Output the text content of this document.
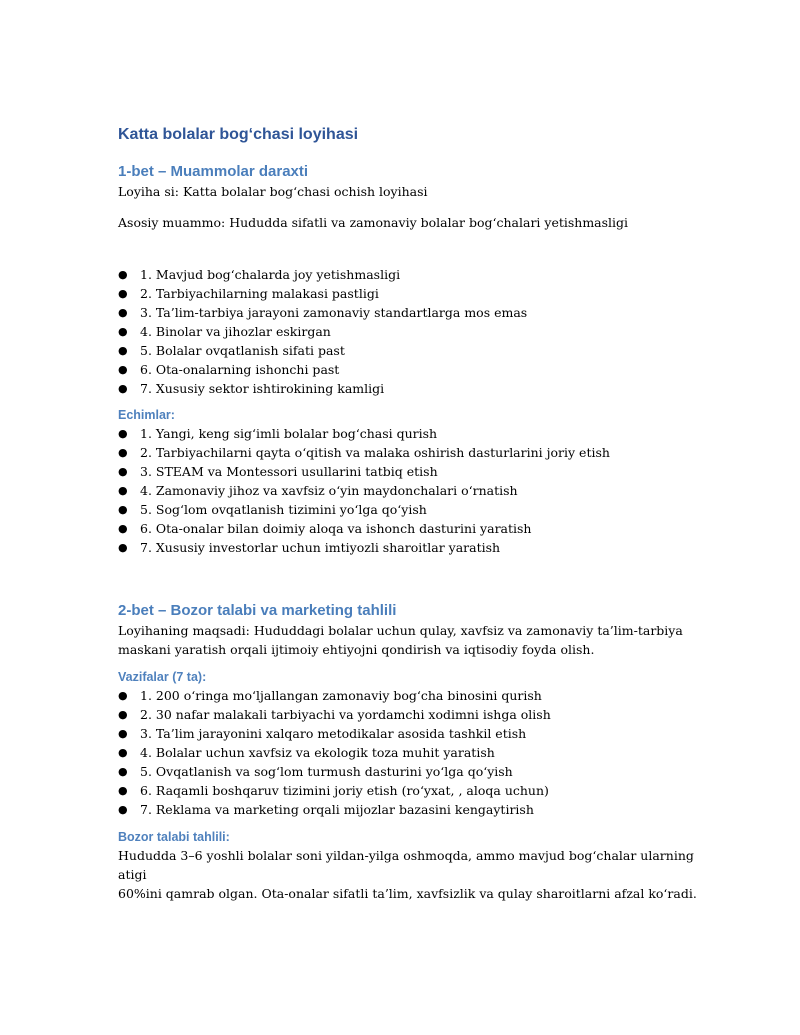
Katta bolalar bog‘chasi loyihasi
1-bet – Muammolar daraxti

Loyiha si: Katta bolalar bog‘chasi ochish loyihasi

Asosiy muammo: Hududda sifatli va zamonaviy bolalar bog‘chalari yetishmasligi

● 1. Mavjud bog‘chalarda joy yetishmasligi
● 2. Tarbiyachilarning malakasi pastligi
● 3. Ta’lim-tarbiya jarayoni zamonaviy standartlarga mos emas
● 4. Binolar va jihozlar eskirgan
● 5. Bolalar ovqatlanish sifati past
● 6. Ota-onalarning ishonchi past
● 7. Xususiy sektor ishtirokining kamligi
Echimlar:
● 1. Yangi, keng sig‘imli bolalar bog‘chasi qurish
● 2. Tarbiyachilarni qayta o‘qitish va malaka oshirish dasturlarini joriy etish
● 3. STEAM va Montessori usullarini tatbiq etish
● 4. Zamonaviy jihoz va xavfsiz o‘yin maydonchalari o‘rnatish
● 5. Sog‘lom ovqatlanish tizimini yo‘lga qo‘yish
● 6. Ota-onalar bilan doimiy aloqa va ishonch dasturini yaratish
● 7. Xususiy investorlar uchun imtiyozli sharoitlar yaratish
2-bet – Bozor talabi va marketing tahlili

Loyihaning maqsadi: Hududdagi bolalar uchun qulay, xavfsiz va zamonaviy ta’lim-tarbiya

maskani yaratish orqali ijtimoiy ehtiyojni qondirish va iqtisodiy foyda olish.

Vazifalar (7 ta):
● 1. 200 o‘ringa mo‘ljallangan zamonaviy bog‘cha binosini qurish
● 2. 30 nafar malakali tarbiyachi va yordamchi xodimni ishga olish
● 3. Ta’lim jarayonini xalqaro metodikalar asosida tashkil etish
● 4. Bolalar uchun xavfsiz va ekologik toza muhit yaratish
● 5. Ovqatlanish va sog‘lom turmush dasturini yo‘lga qo‘yish
● 6. Raqamli boshqaruv tizimini joriy etish (ro‘yxat, , aloqa uchun)
● 7. Reklama va marketing orqali mijozlar bazasini kengaytirish
Bozor talabi tahlili:

Hududda 3–6 yoshli bolalar soni yildan-yilga oshmoqda, ammo mavjud bog‘chalar ularning atigi

60%ini qamrab olgan. Ota-onalar sifatli ta’lim, xavfsizlik va qulay sharoitlarni afzal ko‘radi.
